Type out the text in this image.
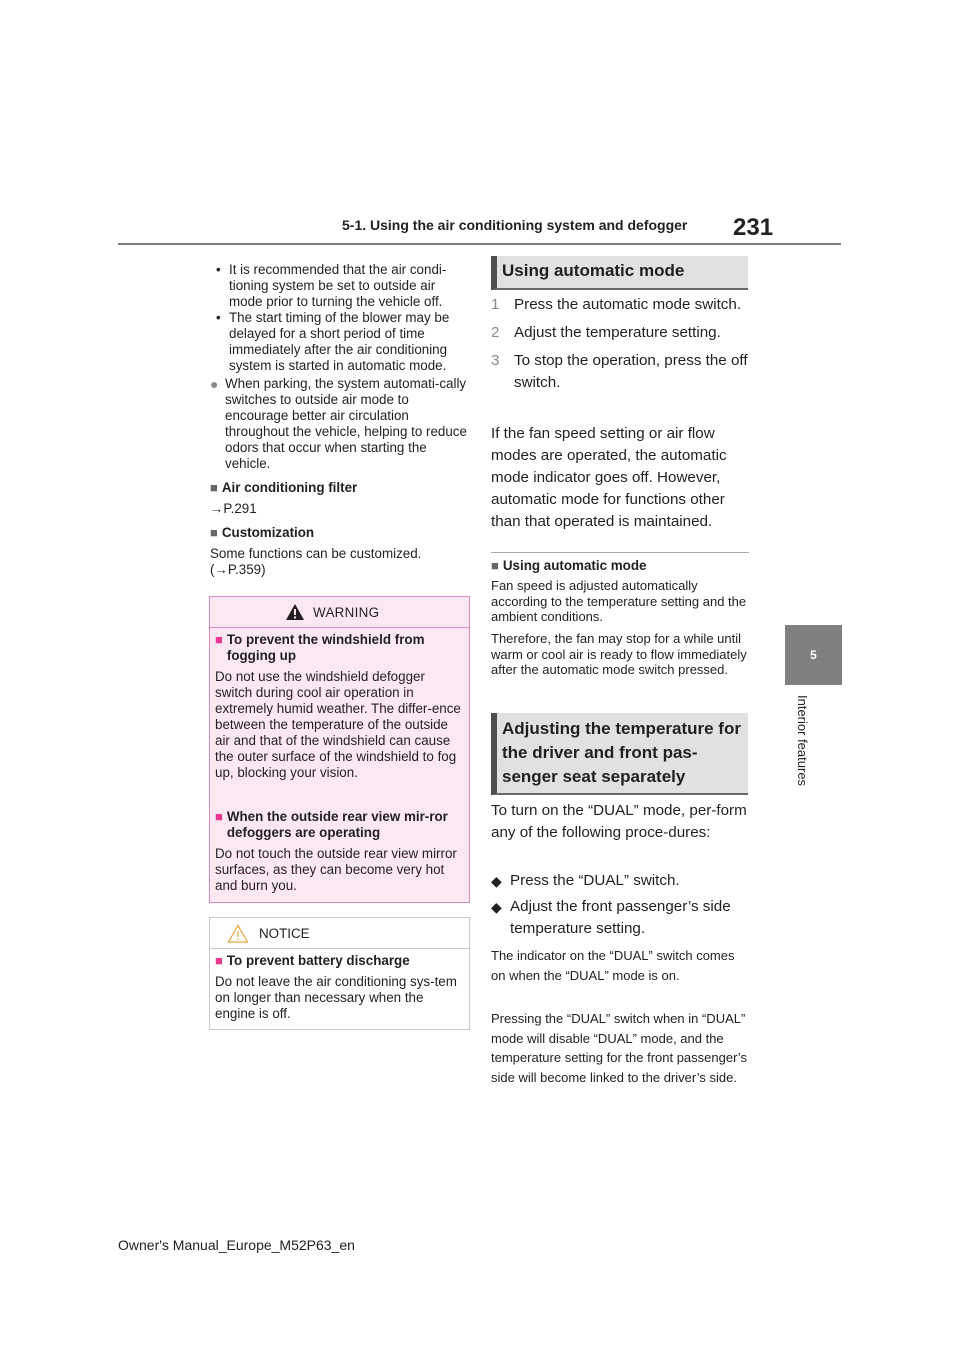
5-1. Using the air conditioning system and defogger 231
5
Interior features
• It is recommended that the air condi-tioning system be set to outside air mode prior to turning the vehicle off.
• The start timing of the blower may be delayed for a short period of time immediately after the air conditioning system is started in automatic mode.
● When parking, the system automati-cally switches to outside air mode to encourage better air circulation throughout the vehicle, helping to reduce odors that occur when starting the vehicle.
■ Air conditioning filter
→P.291
■ Customization
Some functions can be customized. (→P.359)
WARNING
■ To prevent the windshield from fogging up
Do not use the windshield defogger switch during cool air operation in extremely humid weather. The differ-ence between the temperature of the outside air and that of the windshield can cause the outer surface of the windshield to fog up, blocking your vision.
■ When the outside rear view mir-ror defoggers are operating
Do not touch the outside rear view mirror surfaces, as they can become very hot and burn you.
NOTICE
■ To prevent battery discharge
Do not leave the air conditioning sys-tem on longer than necessary when the engine is off.
Using automatic mode
1 Press the automatic mode switch.
2 Adjust the temperature setting.
3 To stop the operation, press the off switch.
If the fan speed setting or air flow modes are operated, the automatic mode indicator goes off. However, automatic mode for functions other than that operated is maintained.
■ Using automatic mode
Fan speed is adjusted automatically according to the temperature setting and the ambient conditions.
Therefore, the fan may stop for a while until warm or cool air is ready to flow immediately after the automatic mode switch pressed.
Adjusting the temperature for the driver and front pas-senger seat separately
To turn on the “DUAL” mode, per-form any of the following proce-dures:
◆ Press the “DUAL” switch.
◆ Adjust the front passenger’s side temperature setting.
The indicator on the “DUAL” switch comes on when the “DUAL” mode is on.
Pressing the “DUAL” switch when in “DUAL” mode will disable “DUAL” mode, and the temperature setting for the front passenger’s side will become linked to the driver’s side.
Owner's Manual_Europe_M52P63_en
